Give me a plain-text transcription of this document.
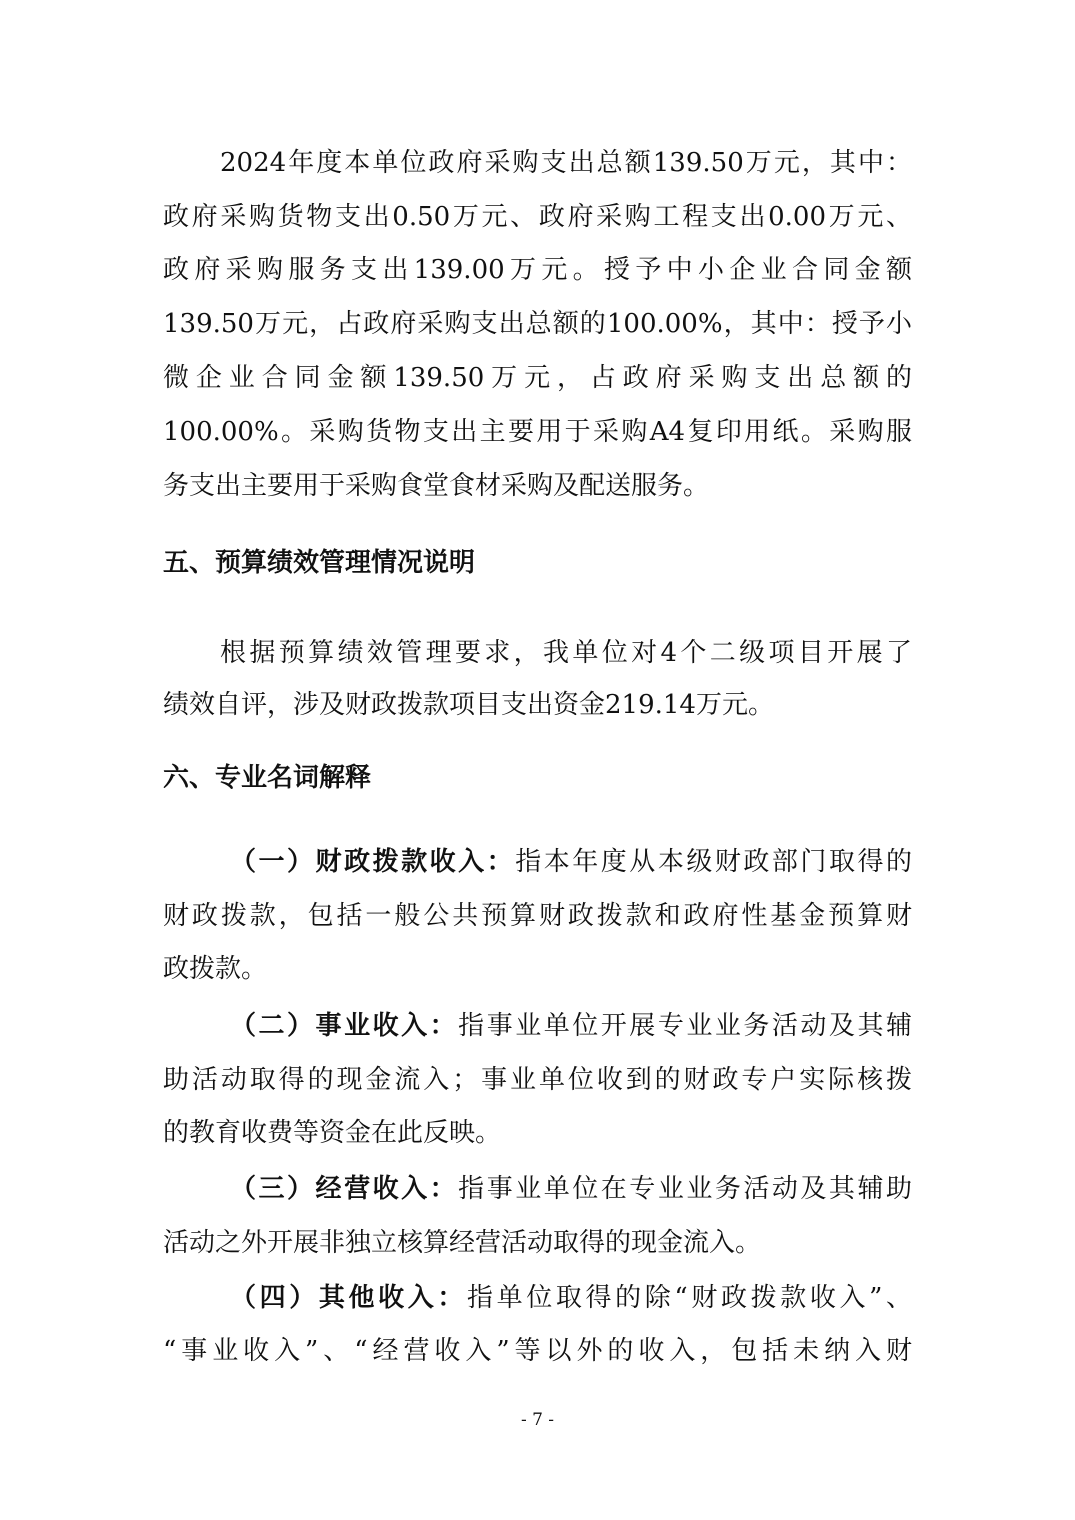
2024年度本单位政府采购支出总额139.50万元，其中：
政府采购货物支出0.50万元、政府采购工程支出0.00万元、
政府采购服务支出139.00万元。授予中小企业合同金额
139.50万元，占政府采购支出总额的100.00%，其中：授予小
微企业合同金额139.50万元，占政府采购支出总额的
100.00%。采购货物支出主要用于采购A4复印用纸。采购服
务支出主要用于采购食堂食材采购及配送服务。
五、预算绩效管理情况说明
根据预算绩效管理要求，我单位对4个二级项目开展了
绩效自评，涉及财政拨款项目支出资金219.14万元。
六、专业名词解释
（一）财政拨款收入：指本年度从本级财政部门取得的
财政拨款，包括一般公共预算财政拨款和政府性基金预算财
政拨款。
（二）事业收入：指事业单位开展专业业务活动及其辅
助活动取得的现金流入；事业单位收到的财政专户实际核拨
的教育收费等资金在此反映。
（三）经营收入：指事业单位在专业业务活动及其辅助
活动之外开展非独立核算经营活动取得的现金流入。
（四）其他收入：指单位取得的除“财政拨款收入”、
“事业收入”、“经营收入”等以外的收入，包括未纳入财
- 7 -
